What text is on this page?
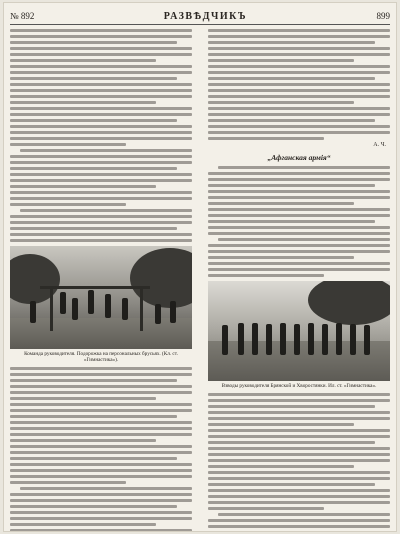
№ 892	РАЗВѢДЧИКЪ	899
Команда руководителя. Подорожка на персональных брусьях. (Кл. ст. «Гимнастика»).
А. Ч.
„Афганская армія“
Взводы руководителя Брянской и Хворостянки. Ил. ст. «Гимнастика».
